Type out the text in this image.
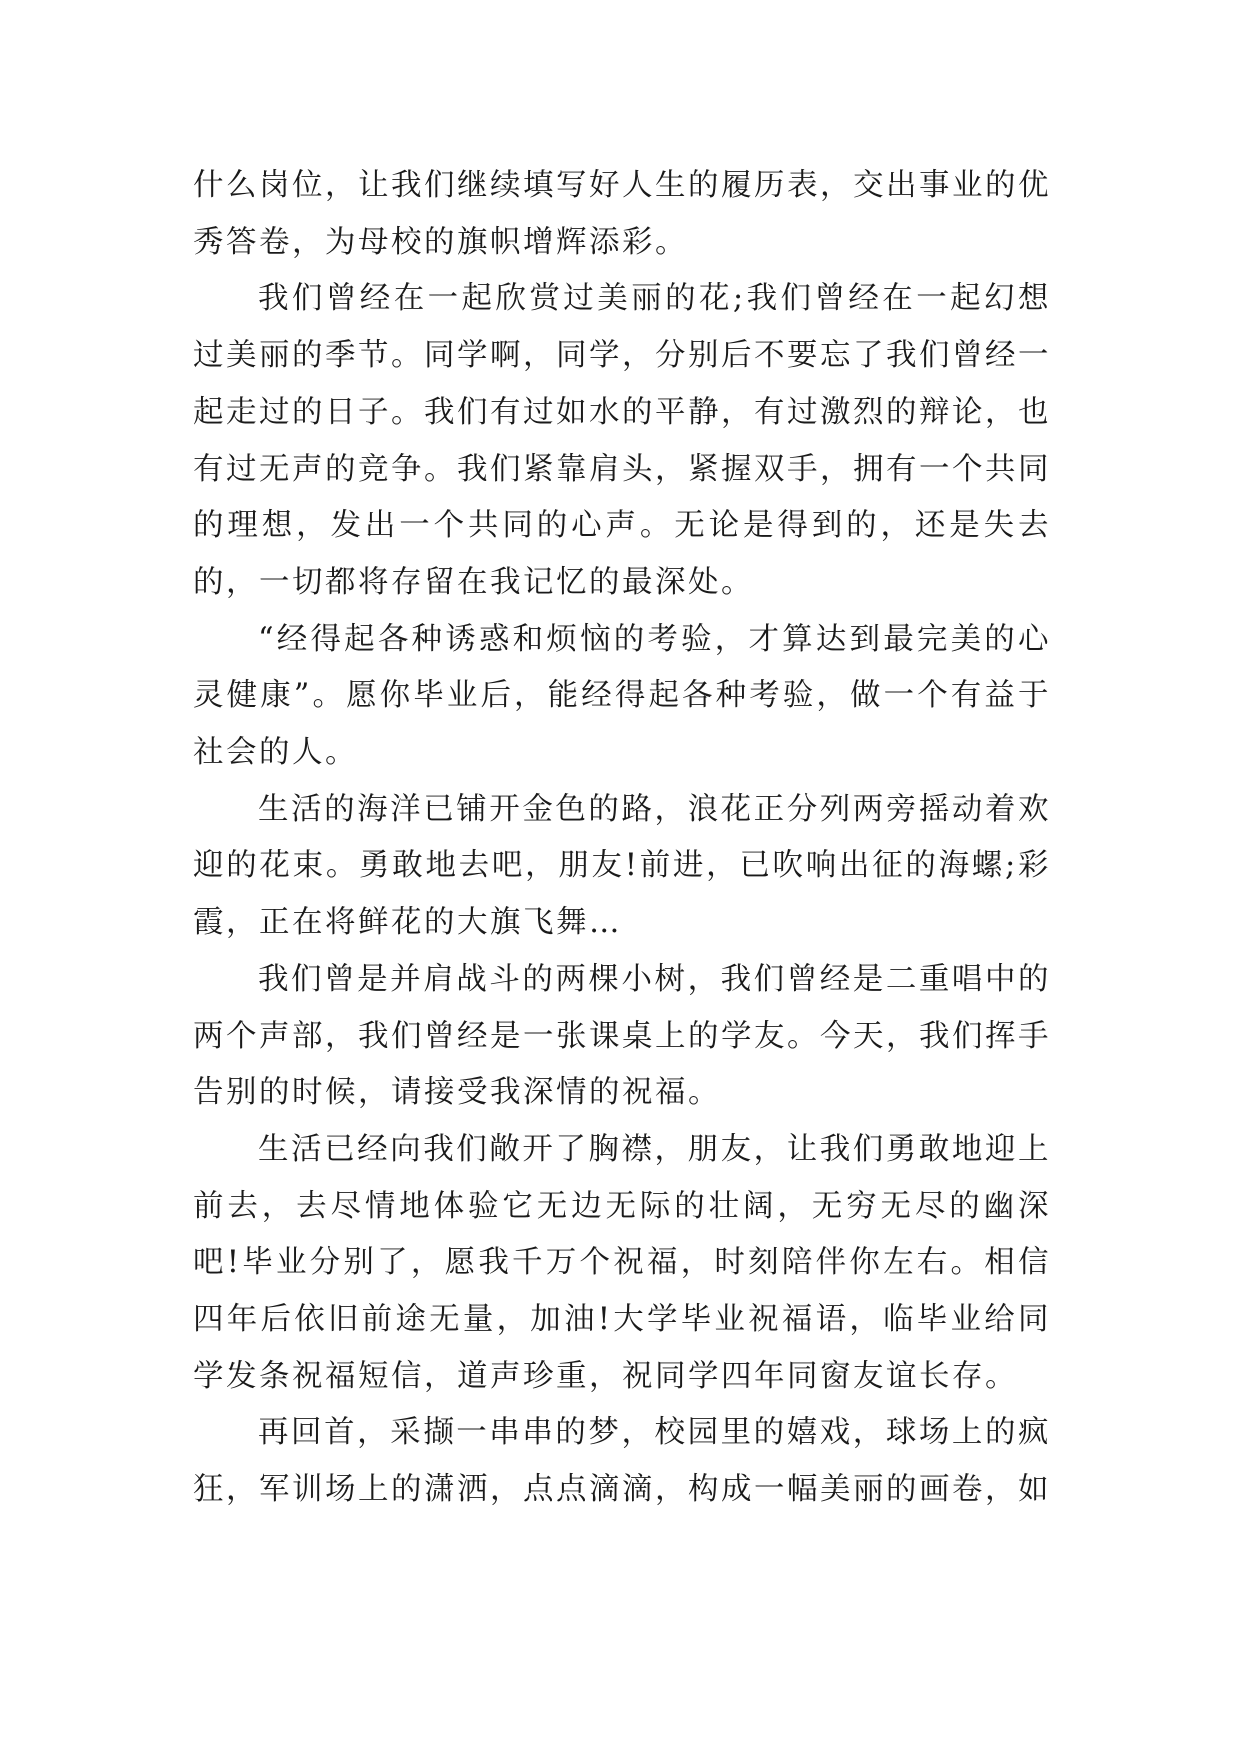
什么岗位，让我们继续填写好人生的履历表，交出事业的优秀答卷，为母校的旗帜增辉添彩。

我们曾经在一起欣赏过美丽的花;我们曾经在一起幻想过美丽的季节。同学啊，同学，分别后不要忘了我们曾经一起走过的日子。我们有过如水的平静，有过激烈的辩论，也有过无声的竞争。我们紧靠肩头，紧握双手，拥有一个共同的理想，发出一个共同的心声。无论是得到的，还是失去的，一切都将存留在我记忆的最深处。

“经得起各种诱惑和烦恼的考验，才算达到最完美的心灵健康”。愿你毕业后，能经得起各种考验，做一个有益于社会的人。

生活的海洋已铺开金色的路，浪花正分列两旁摇动着欢迎的花束。勇敢地去吧，朋友!前进，已吹响出征的海螺;彩霞，正在将鲜花的大旗飞舞…

我们曾是并肩战斗的两棵小树，我们曾经是二重唱中的两个声部，我们曾经是一张课桌上的学友。今天，我们挥手告别的时候，请接受我深情的祝福。

生活已经向我们敞开了胸襟，朋友，让我们勇敢地迎上前去，去尽情地体验它无边无际的壮阔，无穷无尽的幽深吧!毕业分别了，愿我千万个祝福，时刻陪伴你左右。相信四年后依旧前途无量，加油!大学毕业祝福语，临毕业给同学发条祝福短信，道声珍重，祝同学四年同窗友谊长存。

再回首，采撷一串串的梦，校园里的嬉戏，球场上的疯狂，军训场上的潇洒，点点滴滴，构成一幅美丽的画卷，如
